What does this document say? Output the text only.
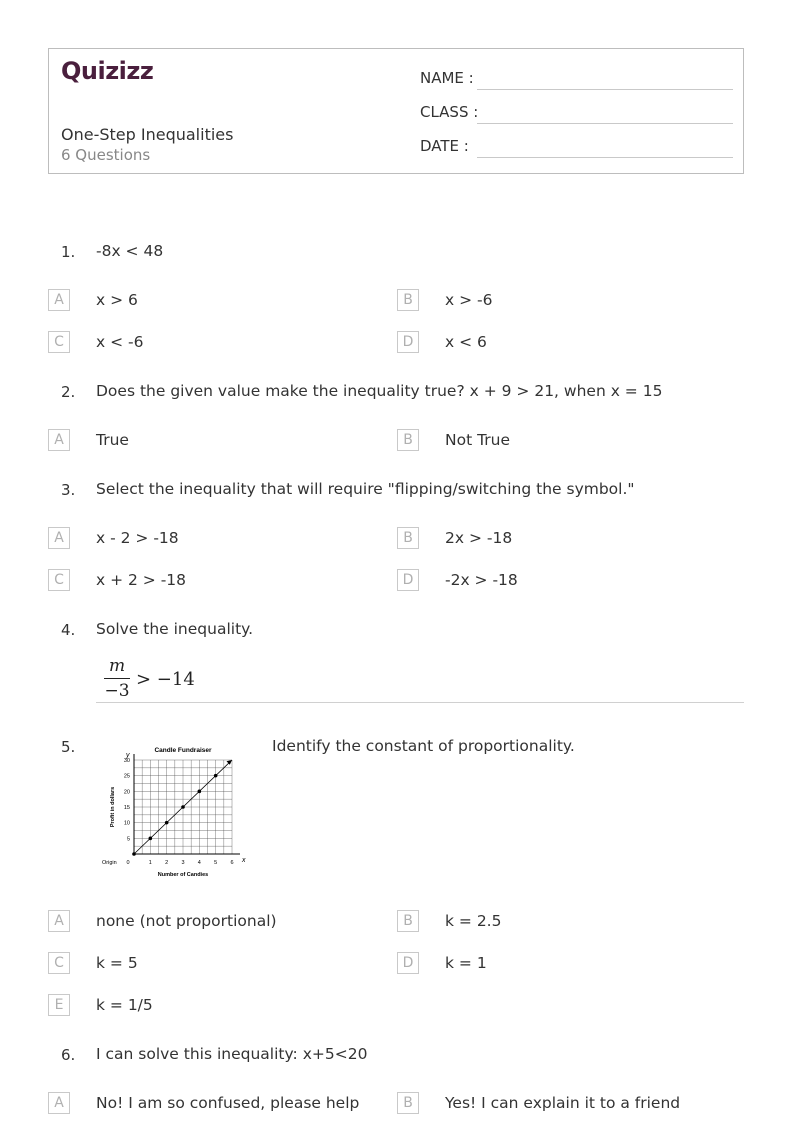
Quizizz
One-Step Inequalities
6 Questions
NAME :
CLASS :
DATE :
1. -8x < 48
A	x > 6	B	x > -6
C	x < -6	D	x < 6
2. Does the given value make the inequality true? x + 9 > 21, when x = 15
A	True	B	Not True
3. Select the inequality that will require "flipping/switching the symbol."
A	x - 2 > -18	B	2x > -18
C	x + 2 > -18	D	-2x > -18
4. Solve the inequality.
m
−3
> −14
5.	Identify the constant of proportionality.
Candle Fundraiser
y
x
5
10
15
20
25
30
0	1 2 3 4 5 6
Origin
Number of Candies
Profit in dollars
A	none (not proportional)	B	k = 2.5
C	k = 5	D	k = 1
E	k = 1/5
6. I can solve this inequality: x+5<20
A	No! I am so confused, please help	B	Yes! I can explain it to a friend
